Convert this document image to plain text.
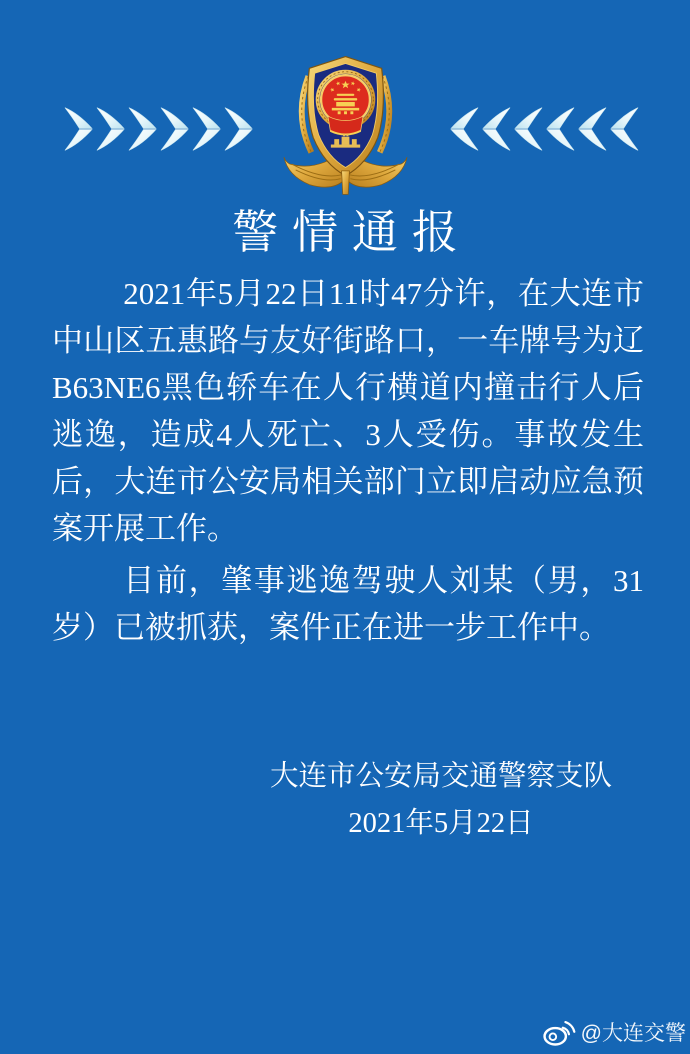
警情通报

2021年5月22日11时47分许，在大连市中山区五惠路与友好街路口，一车牌号为辽B63NE6黑色轿车在人行横道内撞击行人后逃逸，造成4人死亡、3人受伤。事故发生后，大连市公安局相关部门立即启动应急预案开展工作。

目前，肇事逃逸驾驶人刘某（男，31岁）已被抓获，案件正在进一步工作中。

大连市公安局交通警察支队
2021年5月22日
@大连交警
